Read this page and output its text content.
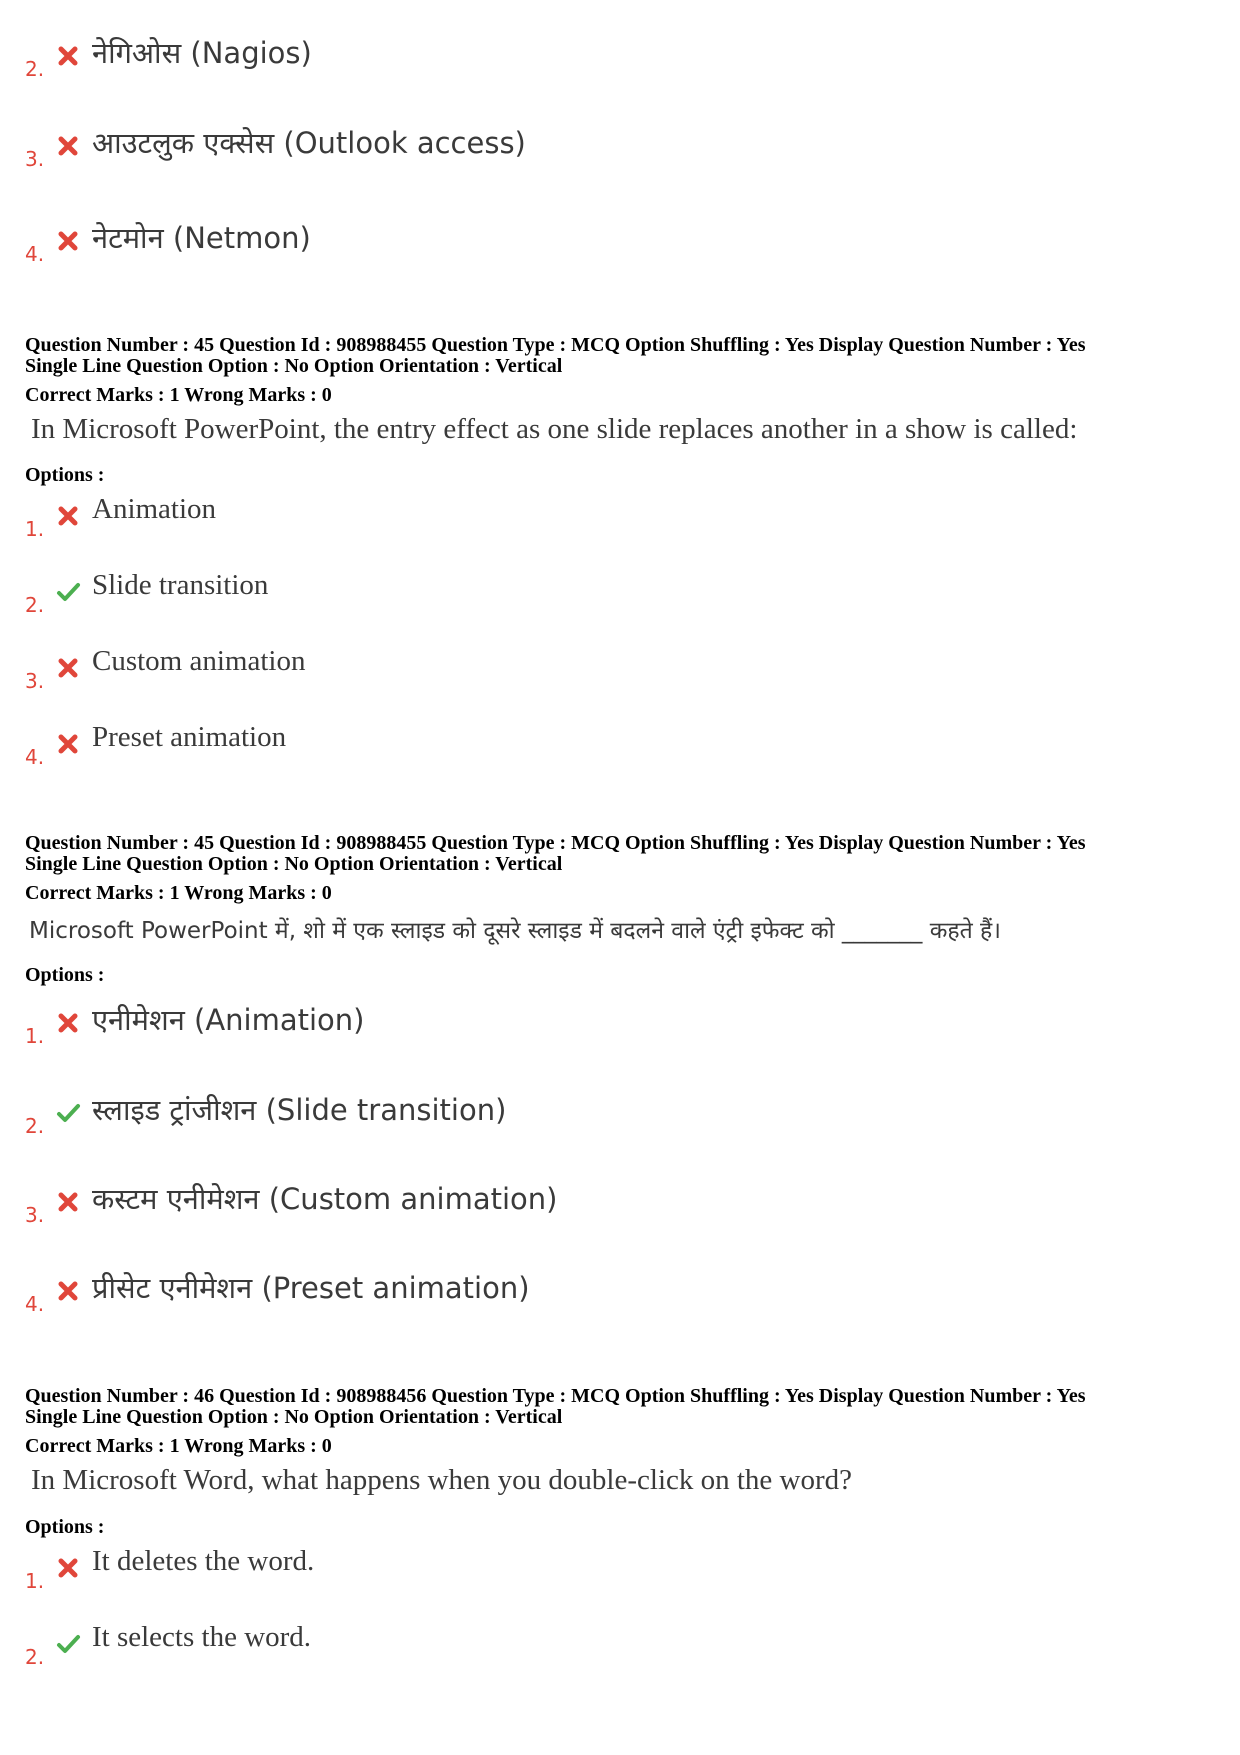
2. नेगिओस (Nagios)
3. आउटलुक एक्सेस (Outlook access)
4. नेटमोन (Netmon)
Question Number : 45 Question Id : 908988455 Question Type : MCQ Option Shuffling : Yes Display Question Number : Yes
Single Line Question Option : No Option Orientation : Vertical
Correct Marks : 1 Wrong Marks : 0
In Microsoft PowerPoint, the entry effect as one slide replaces another in a show is called:
Options :
1.
Animation
2.
Slide transition
3.
Custom animation
4.
Preset animation
Question Number : 45 Question Id : 908988455 Question Type : MCQ Option Shuffling : Yes Display Question Number : Yes
Single Line Question Option : No Option Orientation : Vertical
Correct Marks : 1 Wrong Marks : 0
Microsoft PowerPoint में, शो में एक स्लाइड को दूसरे स्लाइड में बदलने वाले एंट्री इफेक्ट को _______ कहते हैं।
Options :
1. एनीमेशन (Animation)
2. स्लाइड ट्रांजीशन (Slide transition)
3. कस्टम एनीमेशन (Custom animation)
4. प्रीसेट एनीमेशन (Preset animation)
Question Number : 46 Question Id : 908988456 Question Type : MCQ Option Shuffling : Yes Display Question Number : Yes
Single Line Question Option : No Option Orientation : Vertical
Correct Marks : 1 Wrong Marks : 0
In Microsoft Word, what happens when you double-click on the word?
Options :
1.
It deletes the word.
2.
It selects the word.
